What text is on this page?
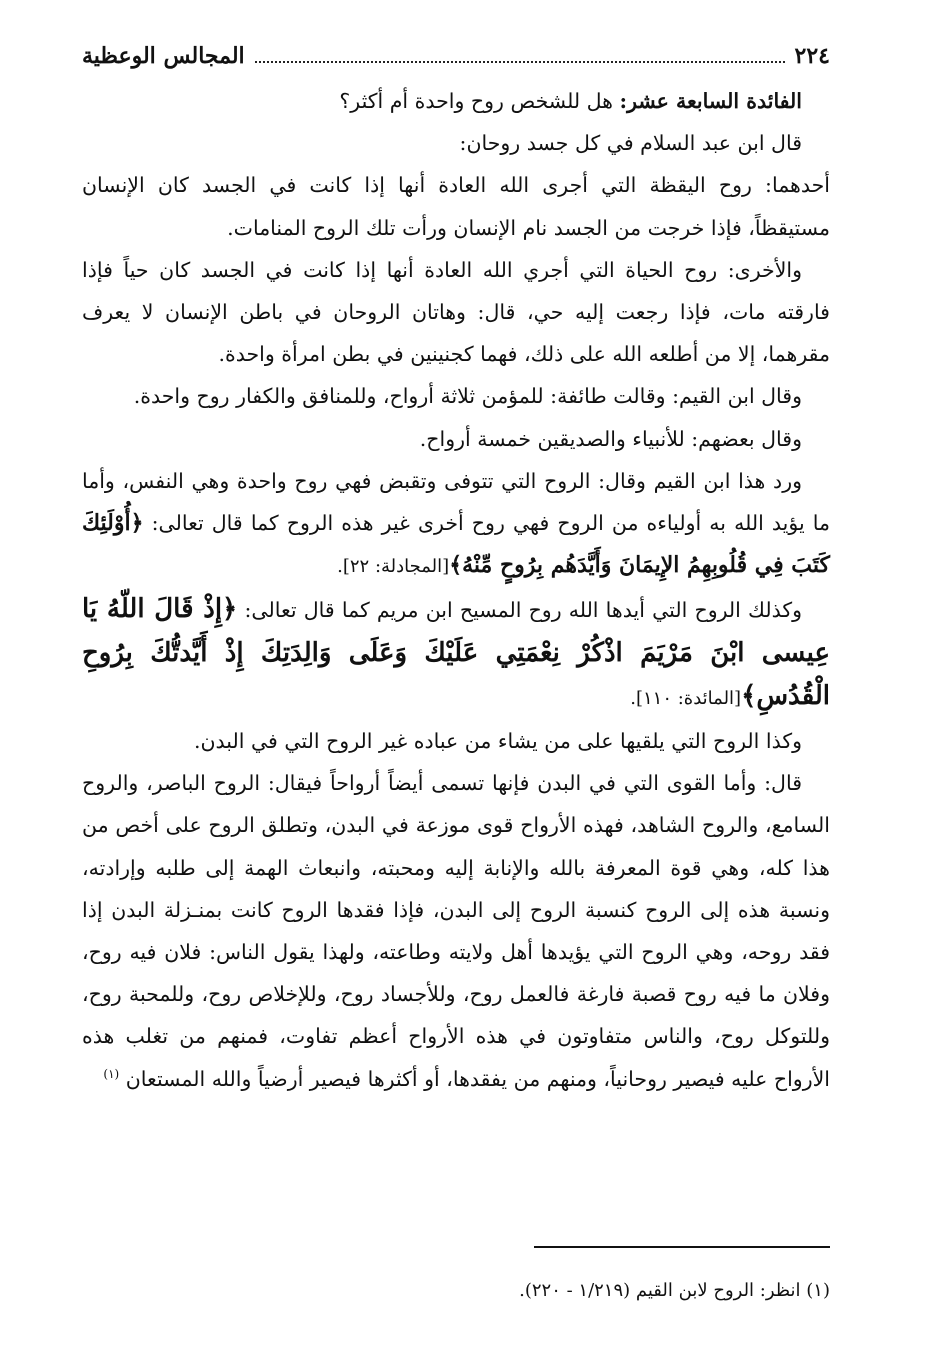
٢٢٤
المجالس الوعظية

الفائدة السابعة عشر: هل للشخص روح واحدة أم أكثر؟

قال ابن عبد السلام في كل جسد روحان:

أحدهما: روح اليقظة التي أجرى الله العادة أنها إذا كانت في الجسد كان الإنسان مستيقظاً، فإذا خرجت من الجسد نام الإنسان ورأت تلك الروح المنامات.

والأخرى: روح الحياة التي أجري الله العادة أنها إذا كانت في الجسد كان حياً فإذا فارقته مات، فإذا رجعت إليه حي، قال: وهاتان الروحان في باطن الإنسان لا يعرف مقرهما، إلا من أطلعه الله على ذلك، فهما كجنينين في بطن امرأة واحدة.

وقال ابن القيم: وقالت طائفة: للمؤمن ثلاثة أرواح، وللمنافق والكفار روح واحدة.

وقال بعضهم: للأنبياء والصديقين خمسة أرواح.

ورد هذا ابن القيم وقال: الروح التي تتوفى وتقبض فهي روح واحدة وهي النفس، وأما ما يؤيد الله به أولياءه من الروح فهي روح أخرى غير هذه الروح كما قال تعالى: ﴿أُوْلَئِكَ كَتَبَ فِي قُلُوبِهِمُ الإِيمَانَ وَأَيَّدَهُم بِرُوحٍ مِّنْهُ﴾[المجادلة: ٢٢].

وكذلك الروح التي أيدها الله روح المسيح ابن مريم كما قال تعالى: ﴿إِذْ قَالَ اللّهُ يَا عِيسى ابْنَ مَرْيَمَ اذْكُرْ نِعْمَتِي عَلَيْكَ وَعَلَى وَالِدَتِكَ إِذْ أَيَّدتُّكَ بِرُوحِ الْقُدُسِ﴾[المائدة: ١١٠].

وكذا الروح التي يلقيها على من يشاء من عباده غير الروح التي في البدن.

قال: وأما القوى التي في البدن فإنها تسمى أيضاً أرواحاً فيقال: الروح الباصر، والروح السامع، والروح الشاهد، فهذه الأرواح قوى موزعة في البدن، وتطلق الروح على أخص من هذا كله، وهي قوة المعرفة بالله والإنابة إليه ومحبته، وانبعاث الهمة إلى طلبه وإرادته، ونسبة هذه إلى الروح كنسبة الروح إلى البدن، فإذا فقدها الروح كانت بمنـزلة البدن إذا فقد روحه، وهي الروح التي يؤيدها أهل ولايته وطاعته، ولهذا يقول الناس: فلان فيه روح، وفلان ما فيه روح قصبة فارغة فالعمل روح، وللأجساد روح، وللإخلاص روح، وللمحبة روح، وللتوكل روح، والناس متفاوتون في هذه الأرواح أعظم تفاوت، فمنهم من تغلب هذه الأرواح عليه فيصير روحانياً، ومنهم من يفقدها، أو أكثرها فيصير أرضياً والله المستعان $^{(١)}$

(١) انظر: الروح لابن القيم (١/٢١٩ - ٢٢٠).
